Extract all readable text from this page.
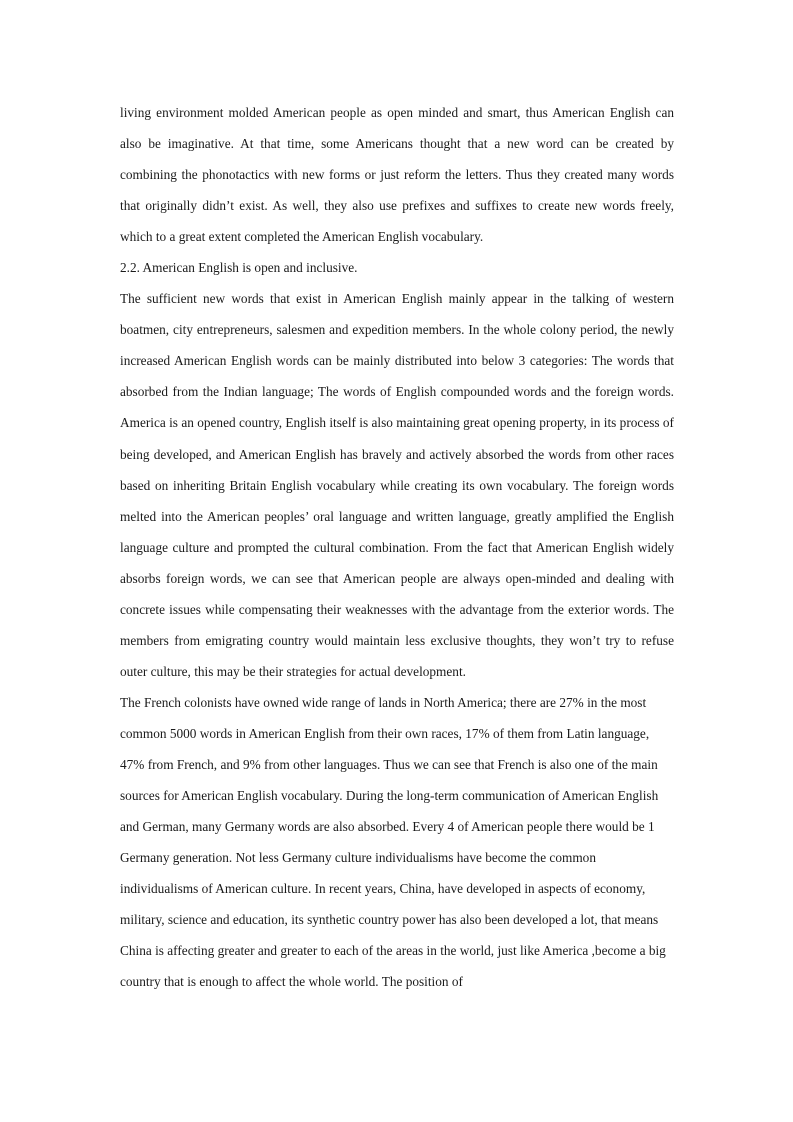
living environment molded American people as open minded and smart, thus American English can also be imaginative. At that time, some Americans thought that a new word can be created by combining the phonotactics with new forms or just reform the letters. Thus they created many words that originally didn’t exist. As well, they also use prefixes and suffixes to create new words freely, which to a great extent completed the American English vocabulary.

2.2. American English is open and inclusive.

The sufficient new words that exist in American English mainly appear in the talking of western boatmen, city entrepreneurs, salesmen and expedition members. In the whole colony period, the newly increased American English words can be mainly distributed into below 3 categories: The words that absorbed from the Indian language; The words of English compounded words and the foreign words. America is an opened country, English itself is also maintaining great opening property, in its process of being developed, and American English has bravely and actively absorbed the words from other races based on inheriting Britain English vocabulary while creating its own vocabulary. The foreign words melted into the American peoples’ oral language and written language, greatly amplified the English language culture and prompted the cultural combination. From the fact that American English widely absorbs foreign words, we can see that American people are always open-minded and dealing with concrete issues while compensating their weaknesses with the advantage from the exterior words. The members from emigrating country would maintain less exclusive thoughts, they won’t try to refuse outer culture, this may be their strategies for actual development.

The French colonists have owned wide range of lands in North America; there are 27% in the most common 5000 words in American English from their own races, 17% of them from Latin language, 47% from French, and 9% from other languages. Thus we can see that French is also one of the main sources for American English vocabulary. During the long-term communication of American English and German, many Germany words are also absorbed. Every 4 of American people there would be 1 Germany generation. Not less Germany culture individualisms have become the common individualisms of American culture. In recent years, China, have developed in aspects of economy, military, science and education, its synthetic country power has also been developed a lot, that means China is affecting greater and greater to each of the areas in the world, just like America ,become a big country that is enough to affect the whole world. The position of
